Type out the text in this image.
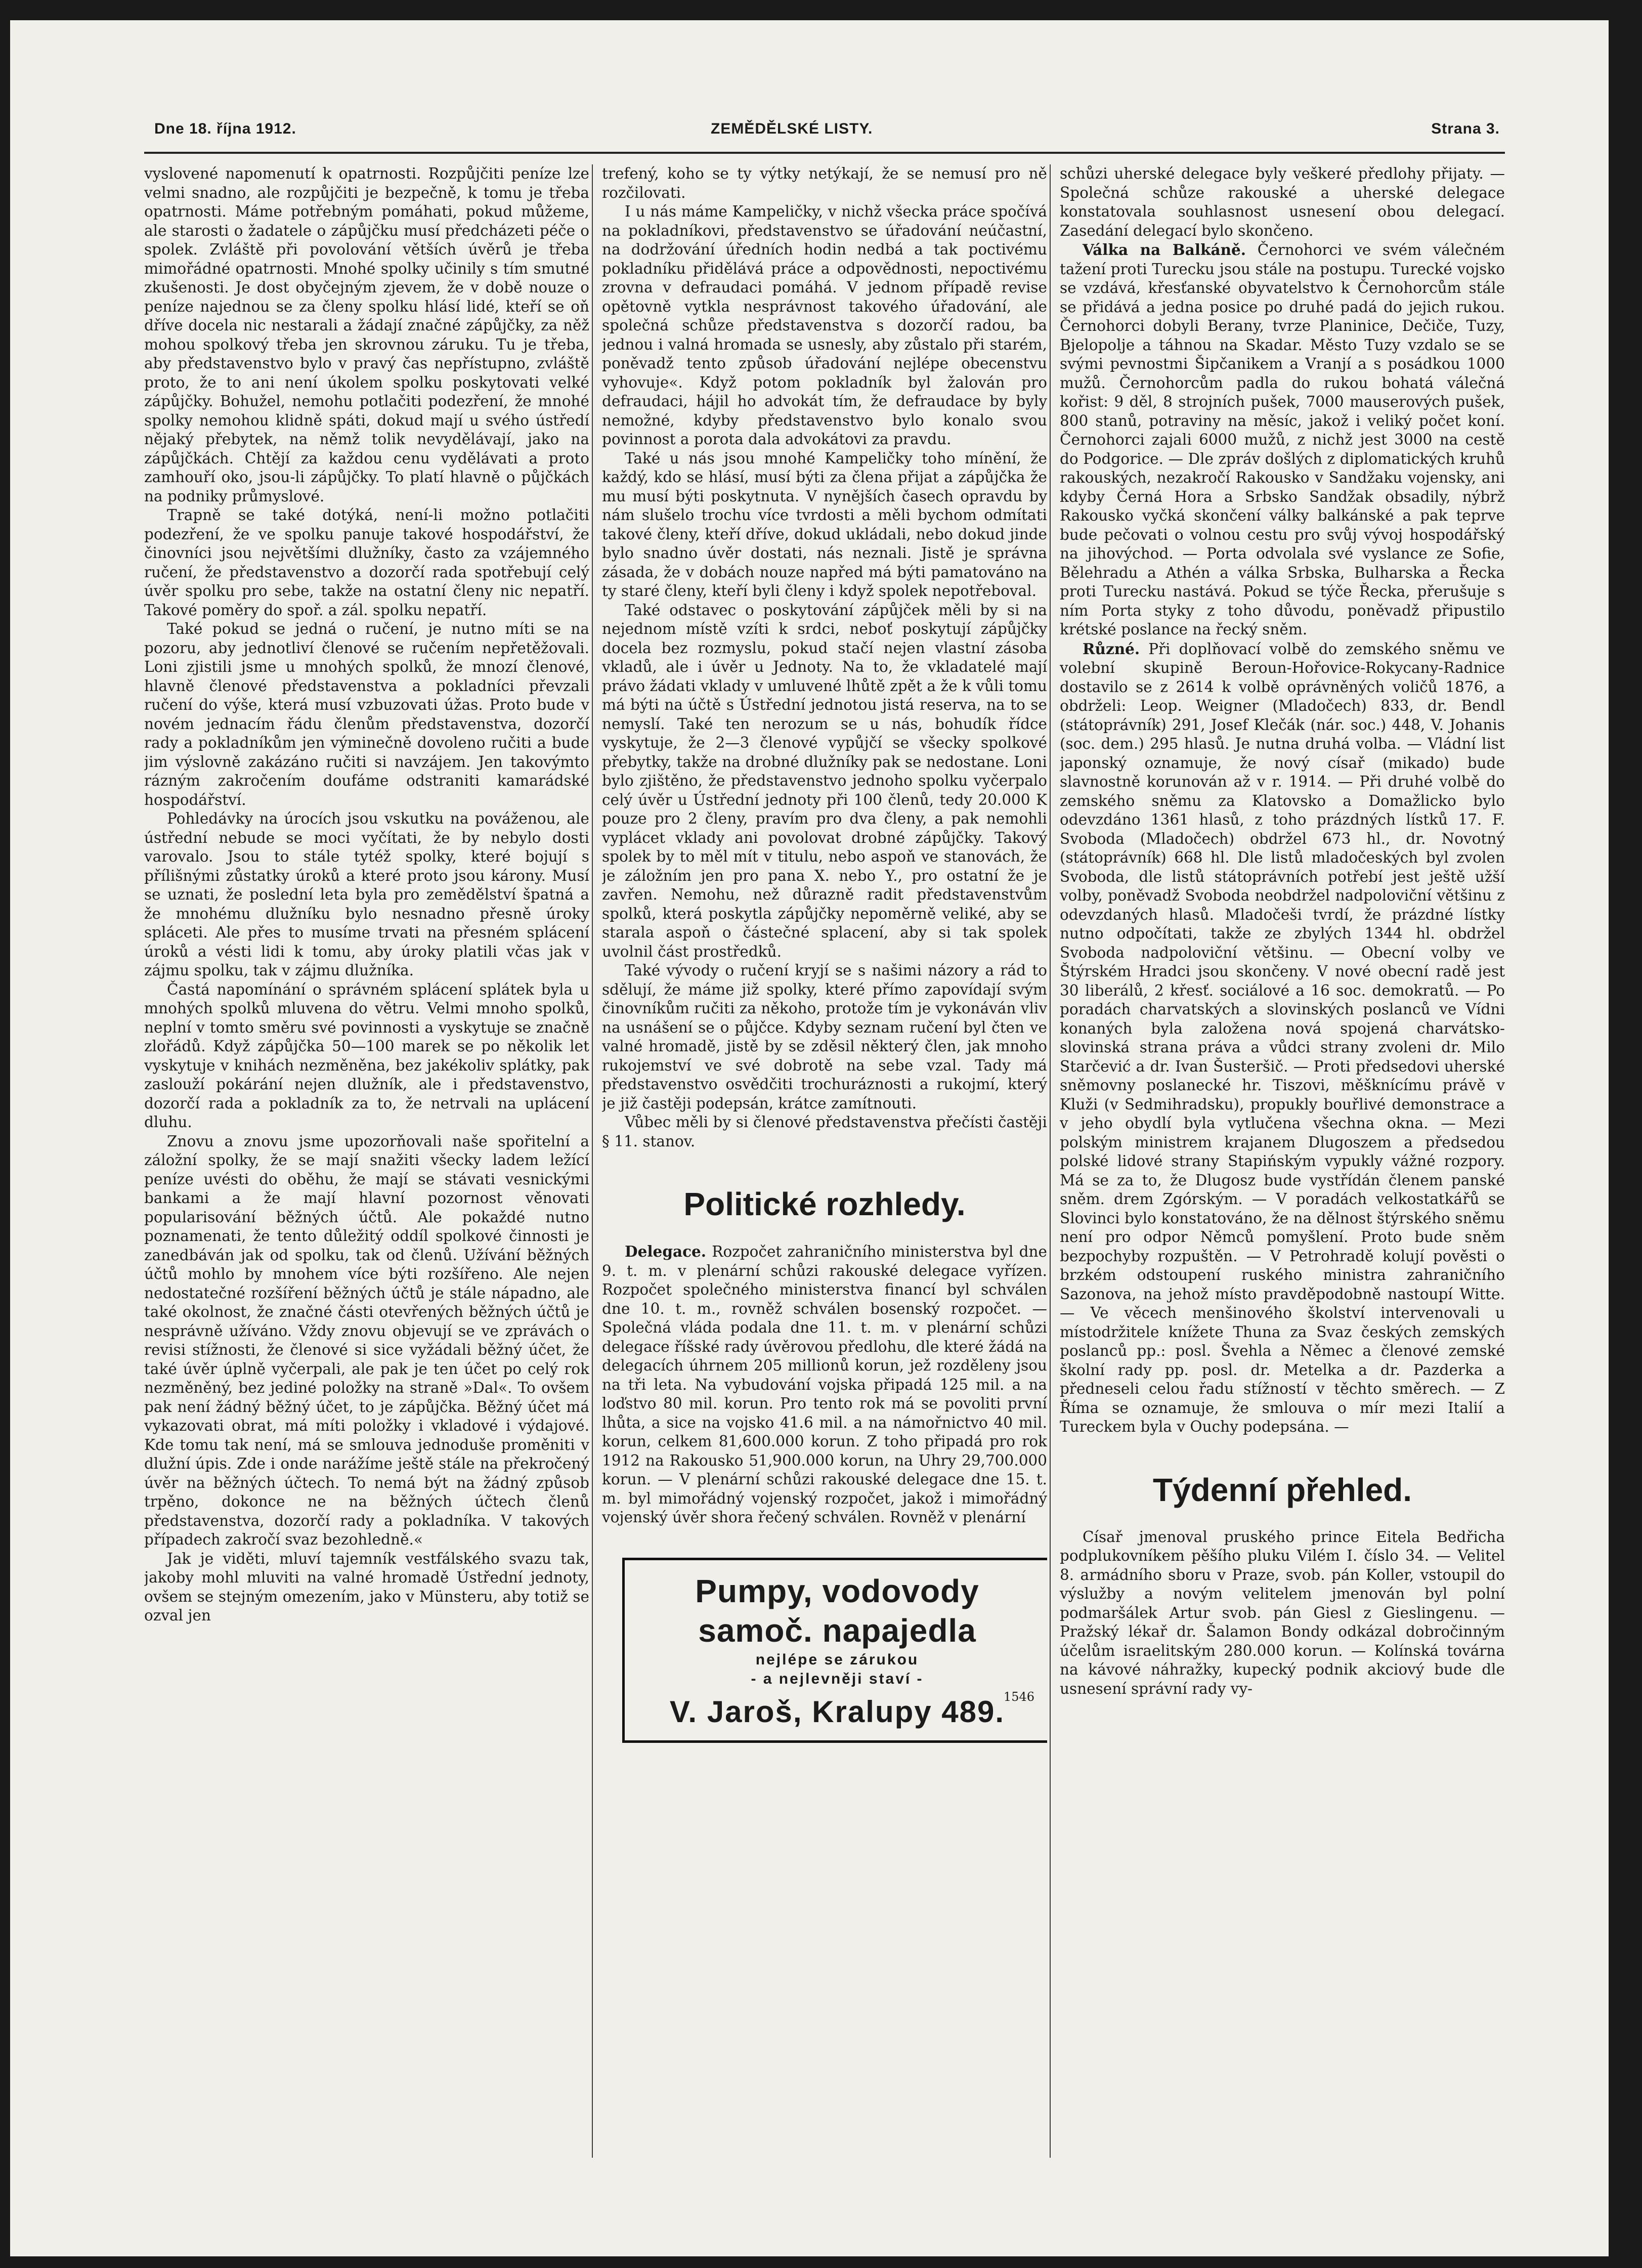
Dne 18. října 1912.	ZEMĚDĚLSKÉ LISTY.	Strana 3.

vyslovené napomenutí k opatrnosti. Rozpůjčiti peníze lze velmi snadno, ale rozpůjčiti je bezpečně, k tomu je třeba opatrnosti. Máme potřebným pomáhati, pokud můžeme, ale starosti o žadatele o zápůjčku musí předcházeti péče o spolek. Zvláště při povolování větších úvěrů je třeba mimořádné opatrnosti. Mnohé spolky učinily s tím smutné zkušenosti. Je dost obyčejným zjevem, že v době nouze o peníze najednou se za členy spolku hlásí lidé, kteří se oň dříve docela nic nestarali a žádají značné zápůjčky, za něž mohou spolkový třeba jen skrovnou záruku. Tu je třeba, aby představenstvo bylo v pravý čas nepřístupno, zvláště proto, že to ani není úkolem spolku poskytovati velké zápůjčky. Bohužel, nemohu potlačiti podezření, že mnohé spolky nemohou klidně spáti, dokud mají u svého ústředí nějaký přebytek, na němž tolik nevydělávají, jako na zápůjčkách. Chtějí za každou cenu vydělávati a proto zamhouří oko, jsou-li zápůjčky. To platí hlavně o půjčkách na podniky průmyslové.

Trapně se také dotýká, není-li možno potlačiti podezření, že ve spolku panuje takové hospodářství, že činovníci jsou největšími dlužníky, často za vzájemného ručení, že představenstvo a dozorčí rada spotřebují celý úvěr spolku pro sebe, takže na ostatní členy nic nepatří. Takové poměry do spoř. a zál. spolku nepatří.

Také pokud se jedná o ručení, je nutno míti se na pozoru, aby jednotliví členové se ručením nepřetěžovali. Loni zjistili jsme u mnohých spolků, že mnozí členové, hlavně členové představenstva a pokladníci převzali ručení do výše, která musí vzbuzovati úžas. Proto bude v novém jednacím řádu členům představenstva, dozorčí rady a pokladníkům jen výminečně dovoleno ručiti a bude jim výslovně zakázáno ručiti si navzájem. Jen takovýmto rázným zakročením doufáme odstraniti kamarádské hospodářství.

Pohledávky na úrocích jsou vskutku na pováženou, ale ústřední nebude se moci vyčítati, že by nebylo dosti varovalo. Jsou to stále tytéž spolky, které bojují s přílišnými zůstatky úroků a které proto jsou károny. Musí se uznati, že poslední leta byla pro zemědělství špatná a že mnohému dlužníku bylo nesnadno přesně úroky spláceti. Ale přes to musíme trvati na přesném splácení úroků a vésti lidi k tomu, aby úroky platili včas jak v zájmu spolku, tak v zájmu dlužníka.

Častá napomínání o správném splácení splátek byla u mnohých spolků mluvena do větru. Velmi mnoho spolků, neplní v tomto směru své povinnosti a vyskytuje se značně zlořádů. Když zápůjčka 50—100 marek se po několik let vyskytuje v knihách nezměněna, bez jakékoliv splátky, pak zaslouží pokárání nejen dlužník, ale i představenstvo, dozorčí rada a pokladník za to, že netrvali na uplácení dluhu.

Znovu a znovu jsme upozorňovali naše spořitelní a záložní spolky, že se mají snažiti všecky ladem ležící peníze uvésti do oběhu, že mají se stávati vesnickými bankami a že mají hlavní pozornost věnovati popularisování běžných účtů. Ale pokaždé nutno poznamenati, že tento důležitý oddíl spolkové činnosti je zanedbáván jak od spolku, tak od členů. Užívání běžných účtů mohlo by mnohem více býti rozšířeno. Ale nejen nedostatečné rozšíření běžných účtů je stále nápadno, ale také okolnost, že značné části otevřených běžných účtů je nesprávně užíváno. Vždy znovu objevují se ve zprávách o revisi stížnosti, že členové si sice vyžádali běžný účet, že také úvěr úplně vyčerpali, ale pak je ten účet po celý rok nezměněný, bez jediné položky na straně »Dal«. To ovšem pak není žádný běžný účet, to je zápůjčka. Běžný účet má vykazovati obrat, má míti položky i vkladové i výdajové. Kde tomu tak není, má se smlouva jednoduše proměniti v dlužní úpis. Zde i onde narážíme ještě stále na překročený úvěr na běžných účtech. To nemá být na žádný způsob trpěno, dokonce ne na běžných účtech členů představenstva, dozorčí rady a pokladníka. V takových případech zakročí svaz bezohledně.«

Jak je viděti, mluví tajemník vestfálského svazu tak, jakoby mohl mluviti na valné hromadě Ústřední jednoty, ovšem se stejným omezením, jako v Münsteru, aby totiž se ozval jen

trefený, koho se ty výtky netýkají, že se nemusí pro ně rozčilovati.

I u nás máme Kampeličky, v nichž všecka práce spočívá na pokladníkovi, představenstvo se úřadování neúčastní, na dodržování úředních hodin nedbá a tak poctivému pokladníku přidělává práce a odpovědnosti, nepoctivému zrovna v defraudaci pomáhá. V jednom případě revise opětovně vytkla nesprávnost takového úřadování, ale společná schůze představenstva s dozorčí radou, ba jednou i valná hromada se usnesly, aby zůstalo při starém, poněvadž tento způsob úřadování nejlépe obecenstvu vyhovuje«. Když potom pokladník byl žalován pro defraudaci, hájil ho advokát tím, že defraudace by byly nemožné, kdyby představenstvo bylo konalo svou povinnost a porota dala advokátovi za pravdu.

Také u nás jsou mnohé Kampeličky toho mínění, že každý, kdo se hlásí, musí býti za člena přijat a zápůjčka že mu musí býti poskytnuta. V nynějších časech opravdu by nám slušelo trochu více tvrdosti a měli bychom odmítati takové členy, kteří dříve, dokud ukládali, nebo dokud jinde bylo snadno úvěr dostati, nás neznali. Jistě je správna zásada, že v dobách nouze napřed má býti pamatováno na ty staré členy, kteří byli členy i když spolek nepotřeboval.

Také odstavec o poskytování zápůjček měli by si na nejednom místě vzíti k srdci, neboť poskytují zápůjčky docela bez rozmyslu, pokud stačí nejen vlastní zásoba vkladů, ale i úvěr u Jednoty. Na to, že vkladatelé mají právo žádati vklady v umluvené lhůtě zpět a že k vůli tomu má býti na účtě s Ústřední jednotou jistá reserva, na to se nemyslí. Také ten nerozum se u nás, bohudík řídce vyskytuje, že 2—3 členové vypůjčí se všecky spolkové přebytky, takže na drobné dlužníky pak se nedostane. Loni bylo zjištěno, že představenstvo jednoho spolku vyčerpalo celý úvěr u Ústřední jednoty při 100 členů, tedy 20.000 K pouze pro 2 členy, pravím pro dva členy, a pak nemohli vyplácet vklady ani povolovat drobné zápůjčky. Takový spolek by to měl mít v titulu, nebo aspoň ve stanovách, že je záložním jen pro pana X. nebo Y., pro ostatní že je zavřen. Nemohu, než důrazně radit představenstvům spolků, která poskytla zápůjčky nepoměrně veliké, aby se starala aspoň o částečné splacení, aby si tak spolek uvolnil část prostředků.

Také vývody o ručení kryjí se s našimi názory a rád to sdělují, že máme již spolky, které přímo zapovídají svým činovníkům ručiti za někoho, protože tím je vykonáván vliv na usnášení se o půjčce. Kdyby seznam ručení byl čten ve valné hromadě, jistě by se zděsil některý člen, jak mnoho rukojemství ve své dobrotě na sebe vzal. Tady má představenstvo osvědčiti trochuráznosti a rukojmí, který je již častěji podepsán, krátce zamítnouti.

Vůbec měli by si členové představenstva přečísti častěji § 11. stanov.

Politické rozhledy.

Delegace. Rozpočet zahraničního ministerstva byl dne 9. t. m. v plenární schůzi rakouské delegace vyřízen. Rozpočet společného ministerstva financí byl schválen dne 10. t. m., rovněž schválen bosenský rozpočet. — Společná vláda podala dne 11. t. m. v plenární schůzi delegace říšské rady úvěrovou předlohu, dle které žádá na delegacích úhrnem 205 millionů korun, jež rozděleny jsou na tři leta. Na vybudování vojska připadá 125 mil. a na loďstvo 80 mil. korun. Pro tento rok má se povoliti první lhůta, a sice na vojsko 41.6 mil. a na námořnictvo 40 mil. korun, celkem 81,600.000 korun. Z toho připadá pro rok 1912 na Rakousko 51,900.000 korun, na Uhry 29,700.000 korun. — V plenární schůzi rakouské delegace dne 15. t. m. byl mimořádný vojenský rozpočet, jakož i mimořádný vojenský úvěr shora řečený schválen. Rovněž v plenární

Pumpy, vodovody
samoč. napajedla
nejlépe se zárukou
- a nejlevněji staví -
1546
V. Jaroš, Kralupy 489.

schůzi uherské delegace byly veškeré předlohy přijaty. — Společná schůze rakouské a uherské delegace konstatovala souhlasnost usnesení obou delegací. Zasedání delegací bylo skončeno.

Válka na Balkáně. Černohorci ve svém válečném tažení proti Turecku jsou stále na postupu. Turecké vojsko se vzdává, křesťanské obyvatelstvo k Černohorcům stále se přidává a jedna posice po druhé padá do jejich rukou. Černohorci dobyli Berany, tvrze Planinice, Dečiče, Tuzy, Bjelopolje a táhnou na Skadar. Město Tuzy vzdalo se se svými pevnostmi Šipčanikem a Vranjí a s posádkou 1000 mužů. Černohorcům padla do rukou bohatá válečná kořist: 9 děl, 8 strojních pušek, 7000 mauserových pušek, 800 stanů, potraviny na měsíc, jakož i veliký počet koní. Černohorci zajali 6000 mužů, z nichž jest 3000 na cestě do Podgorice. — Dle zpráv došlých z diplomatických kruhů rakouských, nezakročí Rakousko v Sandžaku vojensky, ani kdyby Černá Hora a Srbsko Sandžak obsadily, nýbrž Rakousko vyčká skončení války balkánské a pak teprve bude pečovati o volnou cestu pro svůj vývoj hospodářský na jihovýchod. — Porta odvolala své vyslance ze Sofie, Bělehradu a Athén a válka Srbska, Bulharska a Řecka proti Turecku nastává. Pokud se týče Řecka, přerušuje s ním Porta styky z toho důvodu, poněvadž připustilo krétské poslance na řecký sněm.

Různé. Při doplňovací volbě do zemského sněmu ve volební skupině Beroun-Hořovice-Rokycany-Radnice dostavilo se z 2614 k volbě oprávněných voličů 1876, a obdrželi: Leop. Weigner (Mladočech) 833, dr. Bendl (státoprávník) 291, Josef Klečák (nár. soc.) 448, V. Johanis (soc. dem.) 295 hlasů. Je nutna druhá volba. — Vládní list japonský oznamuje, že nový císař (mikado) bude slavnostně korunován až v r. 1914. — Při druhé volbě do zemského sněmu za Klatovsko a Domažlicko bylo odevzdáno 1361 hlasů, z toho prázdných lístků 17. F. Svoboda (Mladočech) obdržel 673 hl., dr. Novotný (státoprávník) 668 hl. Dle listů mladočeských byl zvolen Svoboda, dle listů státoprávních potřebí jest ještě užší volby, poněvadž Svoboda neobdržel nadpoloviční většinu z odevzdaných hlasů. Mladočeši tvrdí, že prázdné lístky nutno odpočítati, takže ze zbylých 1344 hl. obdržel Svoboda nadpoloviční většinu. — Obecní volby ve Štýrském Hradci jsou skončeny. V nové obecní radě jest 30 liberálů, 2 křesť. sociálové a 16 soc. demokratů. — Po poradách charvatských a slovinských poslanců ve Vídni konaných byla založena nová spojená charvátsko-slovinská strana práva a vůdci strany zvoleni dr. Milo Starčević a dr. Ivan Šusteršič. — Proti předsedovi uherské sněmovny poslanecké hr. Tiszovi, měšknícímu právě v Kluži (v Sedmihradsku), propukly bouřlivé demonstrace a v jeho obydlí byla vytlučena všechna okna. — Mezi polským ministrem krajanem Dlugoszem a předsedou polské lidové strany Stapińským vypukly vážné rozpory. Má se za to, že Dlugosz bude vystřídán členem panské sněm. drem Zgórským. — V poradách velkostatkářů se Slovinci bylo konstatováno, že na dělnost štýrského sněmu není pro odpor Němců pomyšlení. Proto bude sněm bezpochyby rozpuštěn. — V Petrohradě kolují pověsti o brzkém odstoupení ruského ministra zahraničního Sazonova, na jehož místo pravděpodobně nastoupí Witte. — Ve věcech menšinového školství intervenovali u místodržitele knížete Thuna za Svaz českých zemských poslanců pp.: posl. Švehla a Němec a členové zemské školní rady pp. posl. dr. Metelka a dr. Pazderka a předneseli celou řadu stížností v těchto směrech. — Z Říma se oznamuje, že smlouva o mír mezi Italií a Tureckem byla v Ouchy podepsána. —

Týdenní přehled.

Císař jmenoval pruského prince Eitela Bedřicha podplukovníkem pěšího pluku Vilém I. číslo 34. — Velitel 8. armádního sboru v Praze, svob. pán Koller, vstoupil do výslužby a novým velitelem jmenován byl polní podmaršálek Artur svob. pán Giesl z Gieslingenu. — Pražský lékař dr. Šalamon Bondy odkázal dobročinným účelům israelitským 280.000 korun. — Kolínská továrna na kávové náhražky, kupecký podnik akciový bude dle usnesení správní rady vy-
